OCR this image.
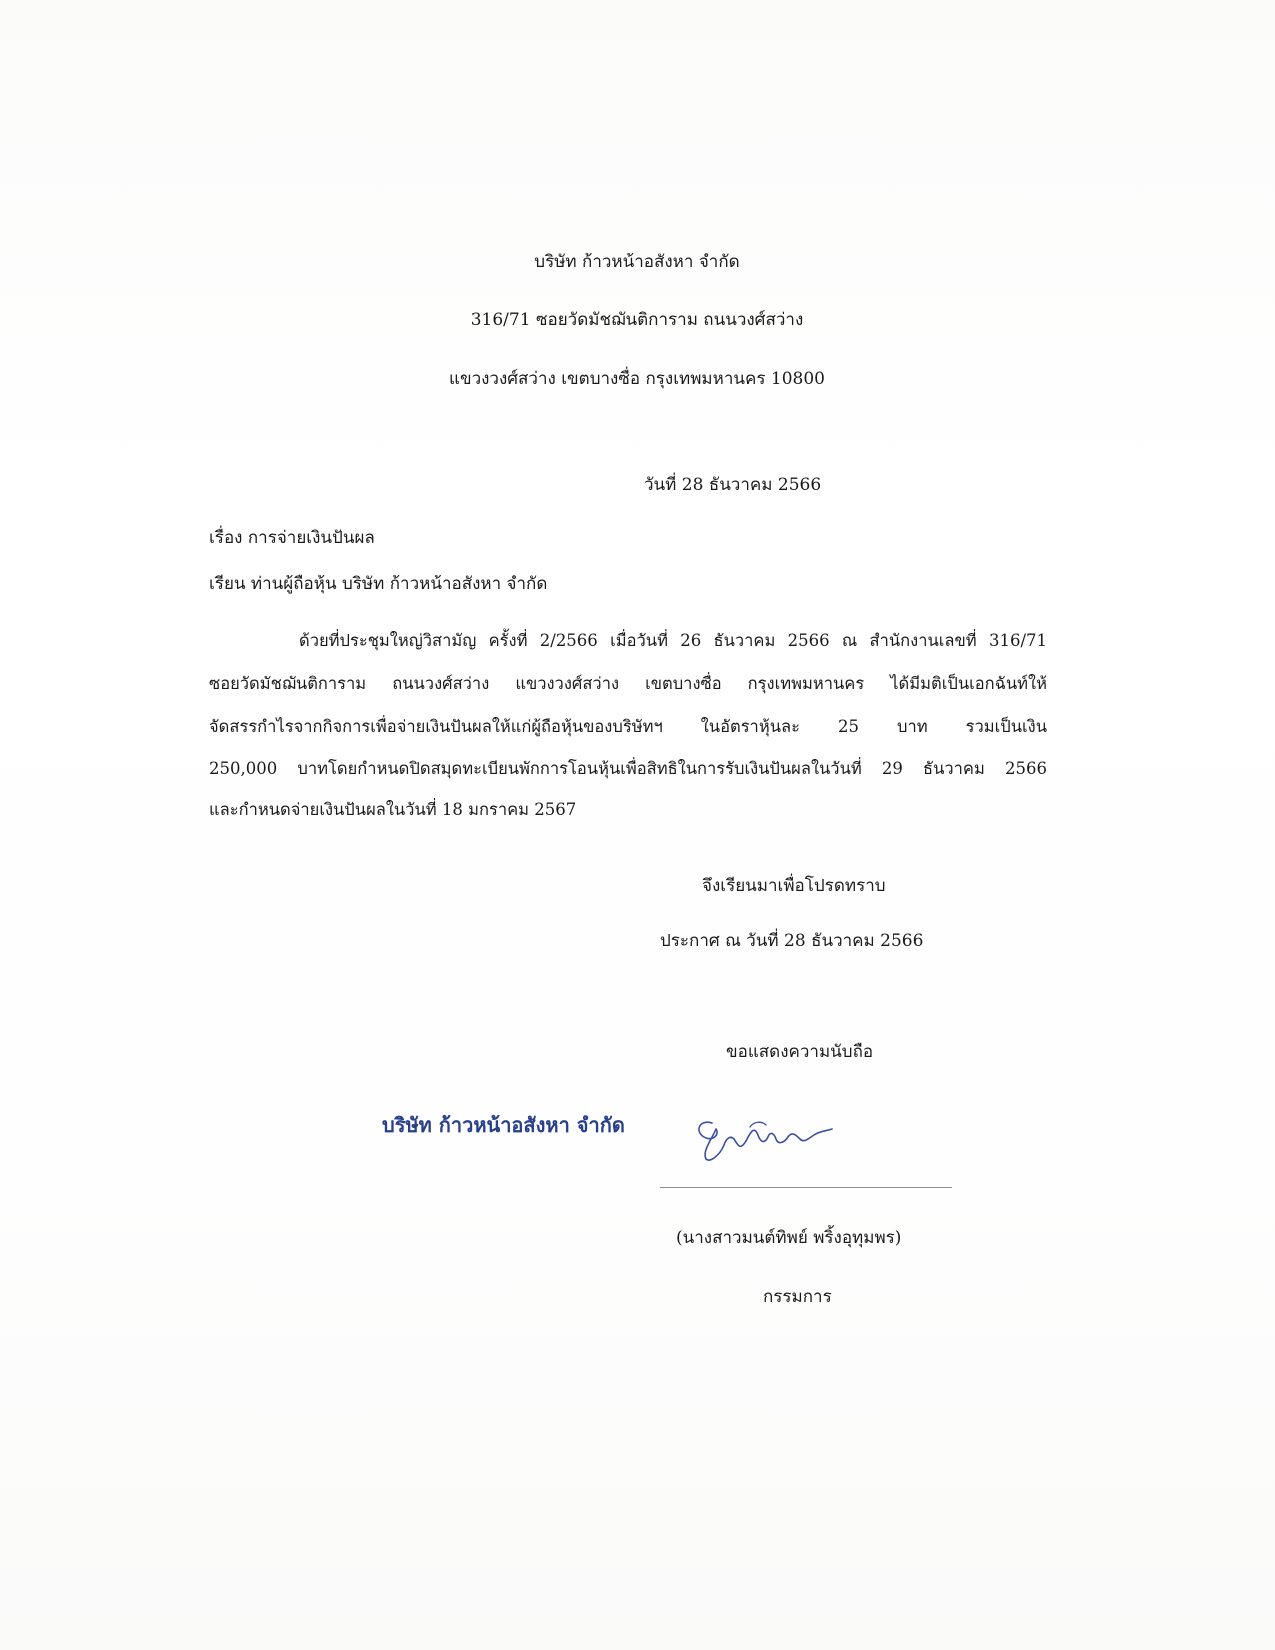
บริษัท ก้าวหน้าอสังหา จำกัด
316/71 ซอยวัดมัชฌันติการาม ถนนวงศ์สว่าง
แขวงวงศ์สว่าง เขตบางซื่อ กรุงเทพมหานคร 10800
วันที่ 28 ธันวาคม 2566
เรื่อง การจ่ายเงินปันผล
เรียน ท่านผู้ถือหุ้น บริษัท ก้าวหน้าอสังหา จำกัด
ด้วยที่ประชุมใหญ่วิสามัญ ครั้งที่ 2/2566 เมื่อวันที่ 26 ธันวาคม 2566 ณ สำนักงานเลขที่ 316/71
ซอยวัดมัชฌันติการาม ถนนวงศ์สว่าง แขวงวงศ์สว่าง เขตบางซื่อ กรุงเทพมหานคร ได้มีมติเป็นเอกฉันท์ให้
จัดสรรกำไรจากกิจการเพื่อจ่ายเงินปันผลให้แก่ผู้ถือหุ้นของบริษัทฯ ในอัตราหุ้นละ 25 บาท รวมเป็นเงิน
250,000 บาทโดยกำหนดปิดสมุดทะเบียนพักการโอนหุ้นเพื่อสิทธิในการรับเงินปันผลในวันที่ 29 ธันวาคม 2566
และกำหนดจ่ายเงินปันผลในวันที่ 18 มกราคม 2567
จึงเรียนมาเพื่อโปรดทราบ
ประกาศ ณ วันที่ 28 ธันวาคม 2566
ขอแสดงความนับถือ
บริษัท ก้าวหน้าอสังหา จำกัด
(นางสาวมนต์ทิพย์ พริ้งอุทุมพร)
กรรมการ
